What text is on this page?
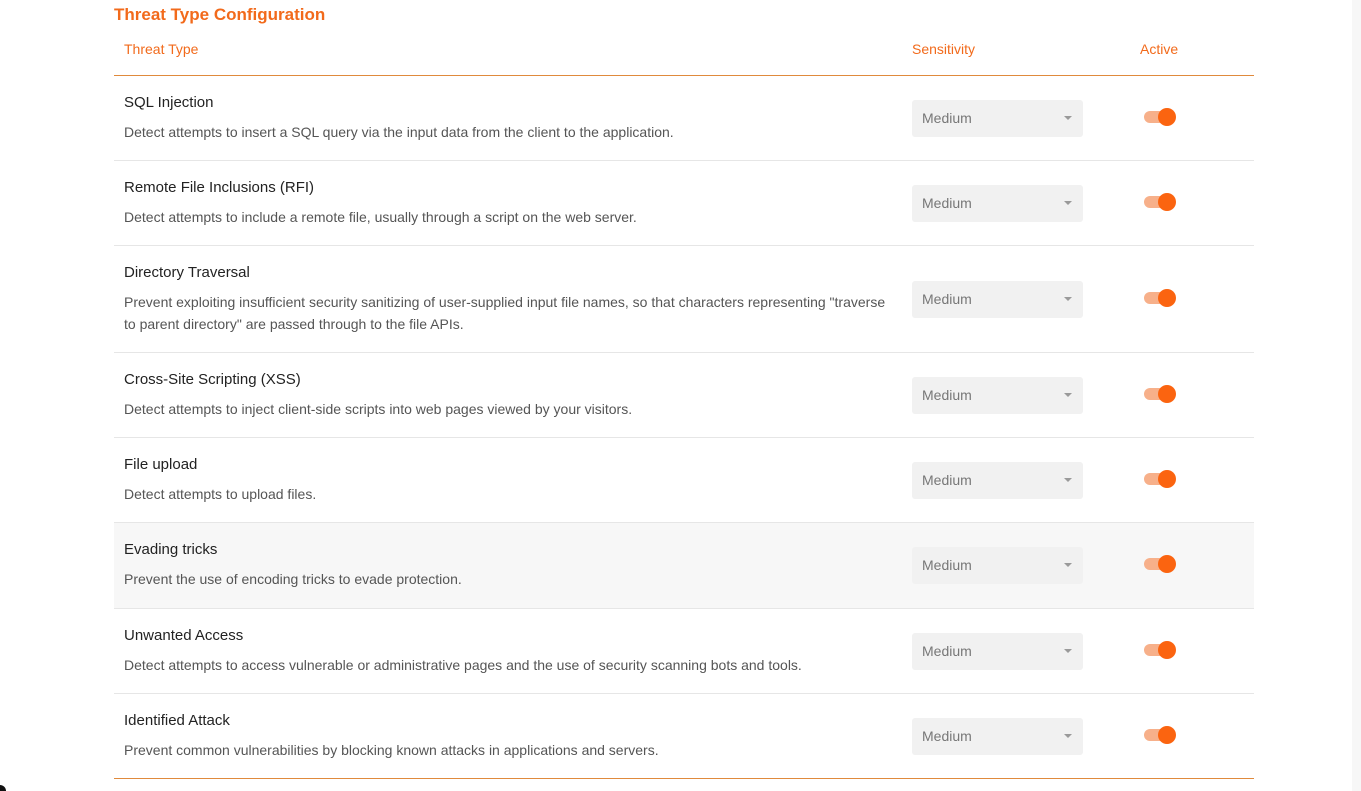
Threat Type Configuration
Threat Type	Sensitivity	Active
SQL Injection
Detect attempts to insert a SQL query via the input data from the client to the application.
Medium
Remote File Inclusions (RFI)
Detect attempts to include a remote file, usually through a script on the web server.
Medium
Directory Traversal
Prevent exploiting insufficient security sanitizing of user-supplied input file names, so that characters representing "traverse to parent directory" are passed through to the file APIs.
Medium
Cross-Site Scripting (XSS)
Detect attempts to inject client-side scripts into web pages viewed by your visitors.
Medium
File upload
Detect attempts to upload files.
Medium
Evading tricks
Prevent the use of encoding tricks to evade protection.
Medium
Unwanted Access
Detect attempts to access vulnerable or administrative pages and the use of security scanning bots and tools.
Medium
Identified Attack
Prevent common vulnerabilities by blocking known attacks in applications and servers.
Medium
